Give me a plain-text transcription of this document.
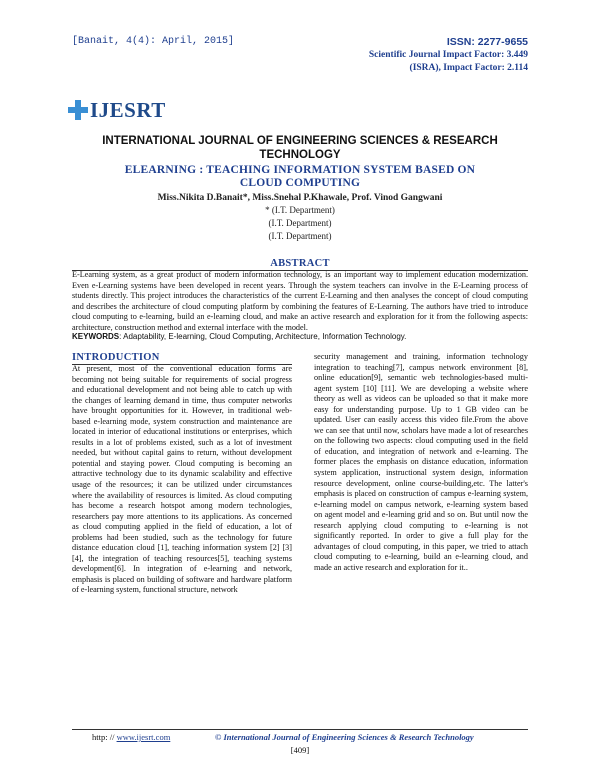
[Banait, 4(4): April, 2015]	ISSN: 2277-9655
Scientific Journal Impact Factor: 3.449
(ISRA), Impact Factor: 2.114
IJESRT
INTERNATIONAL JOURNAL OF ENGINEERING SCIENCES & RESEARCH TECHNOLOGY
ELEARNING : TEACHING INFORMATION SYSTEM BASED ON CLOUD COMPUTING
Miss.Nikita D.Banait*, Miss.Snehal P.Khawale, Prof. Vinod Gangwani
* (I.T. Department)
(I.T. Department)
(I.T. Department)
ABSTRACT
E-Learning system, as a great product of modern information technology, is an important way to implement education modernization. Even e-Learning systems have been developed in recent years. Through the system teachers can involve in the E-Learning process of students directly. This project introduces the characteristics of the current E-Learning and then analyses the concept of cloud computing and describes the architecture of cloud computing platform by combining the features of E-Learning. The authors have tried to introduce cloud computing to e-learning, build an e-learning cloud, and make an active research and exploration for it from the following aspects: architecture, construction method and external interface with the model.
KEYWORDS: Adaptability, E-learning, Cloud Computing, Architecture, Information Technology.
INTRODUCTION
At present, most of the conventional education forms are becoming not being suitable for requirements of social progress and educational development and not being able to catch up with the changes of learning demand in time, thus computer networks have brought opportunities for it. However, in traditional web-based e-learning mode, system construction and maintenance are located in interior of educational institutions or enterprises, which results in a lot of problems existed, such as a lot of investment needed, but without capital gains to return, without development potential and staying power. Cloud computing is becoming an attractive technology due to its dynamic scalability and effective usage of the resources; it can be utilized under circumstances where the availability of resources is limited. As cloud computing has become a research hotspot among modern technologies, researchers pay more attentions to its applications. As concerned as cloud computing applied in the field of education, a lot of problems had been studied, such as the technology for future distance education cloud [1], teaching information system [2] [3] [4], the integration of teaching resources[5], teaching systems development[6]. In integration of e-learning and network, emphasis is placed on building of software and hardware platform of e-learning system, functional structure, network
security management and training, information technology integration to teaching[7], campus network environment [8], online education[9], semantic web technologies-based multi-agent system [10] [11]. We are developing a website where theory as well as videos can be uploaded so that it make more easy for understanding purpose. Up to 1 GB video can be updated. User can easily access this video file.From the above we can see that until now, scholars have made a lot of researches on the following two aspects: cloud computing used in the field of education, and integration of network and e-learning. The former places the emphasis on distance education, information system application, instructional system design, information resource development, online course-building,etc. The latter's emphasis is placed on construction of campus e-learning system, e-learning model on campus network, e-learning system based on agent model and e-learning grid and so on. But until now the research applying cloud computing to e-learning is not significantly reported. In order to give a full play for the advantages of cloud computing, in this paper, we tried to attach cloud computing to e-learning, build an e-learning cloud, and made an active research and exploration for it..
http: // www.ijesrt.com	© International Journal of Engineering Sciences & Research Technology
[409]
